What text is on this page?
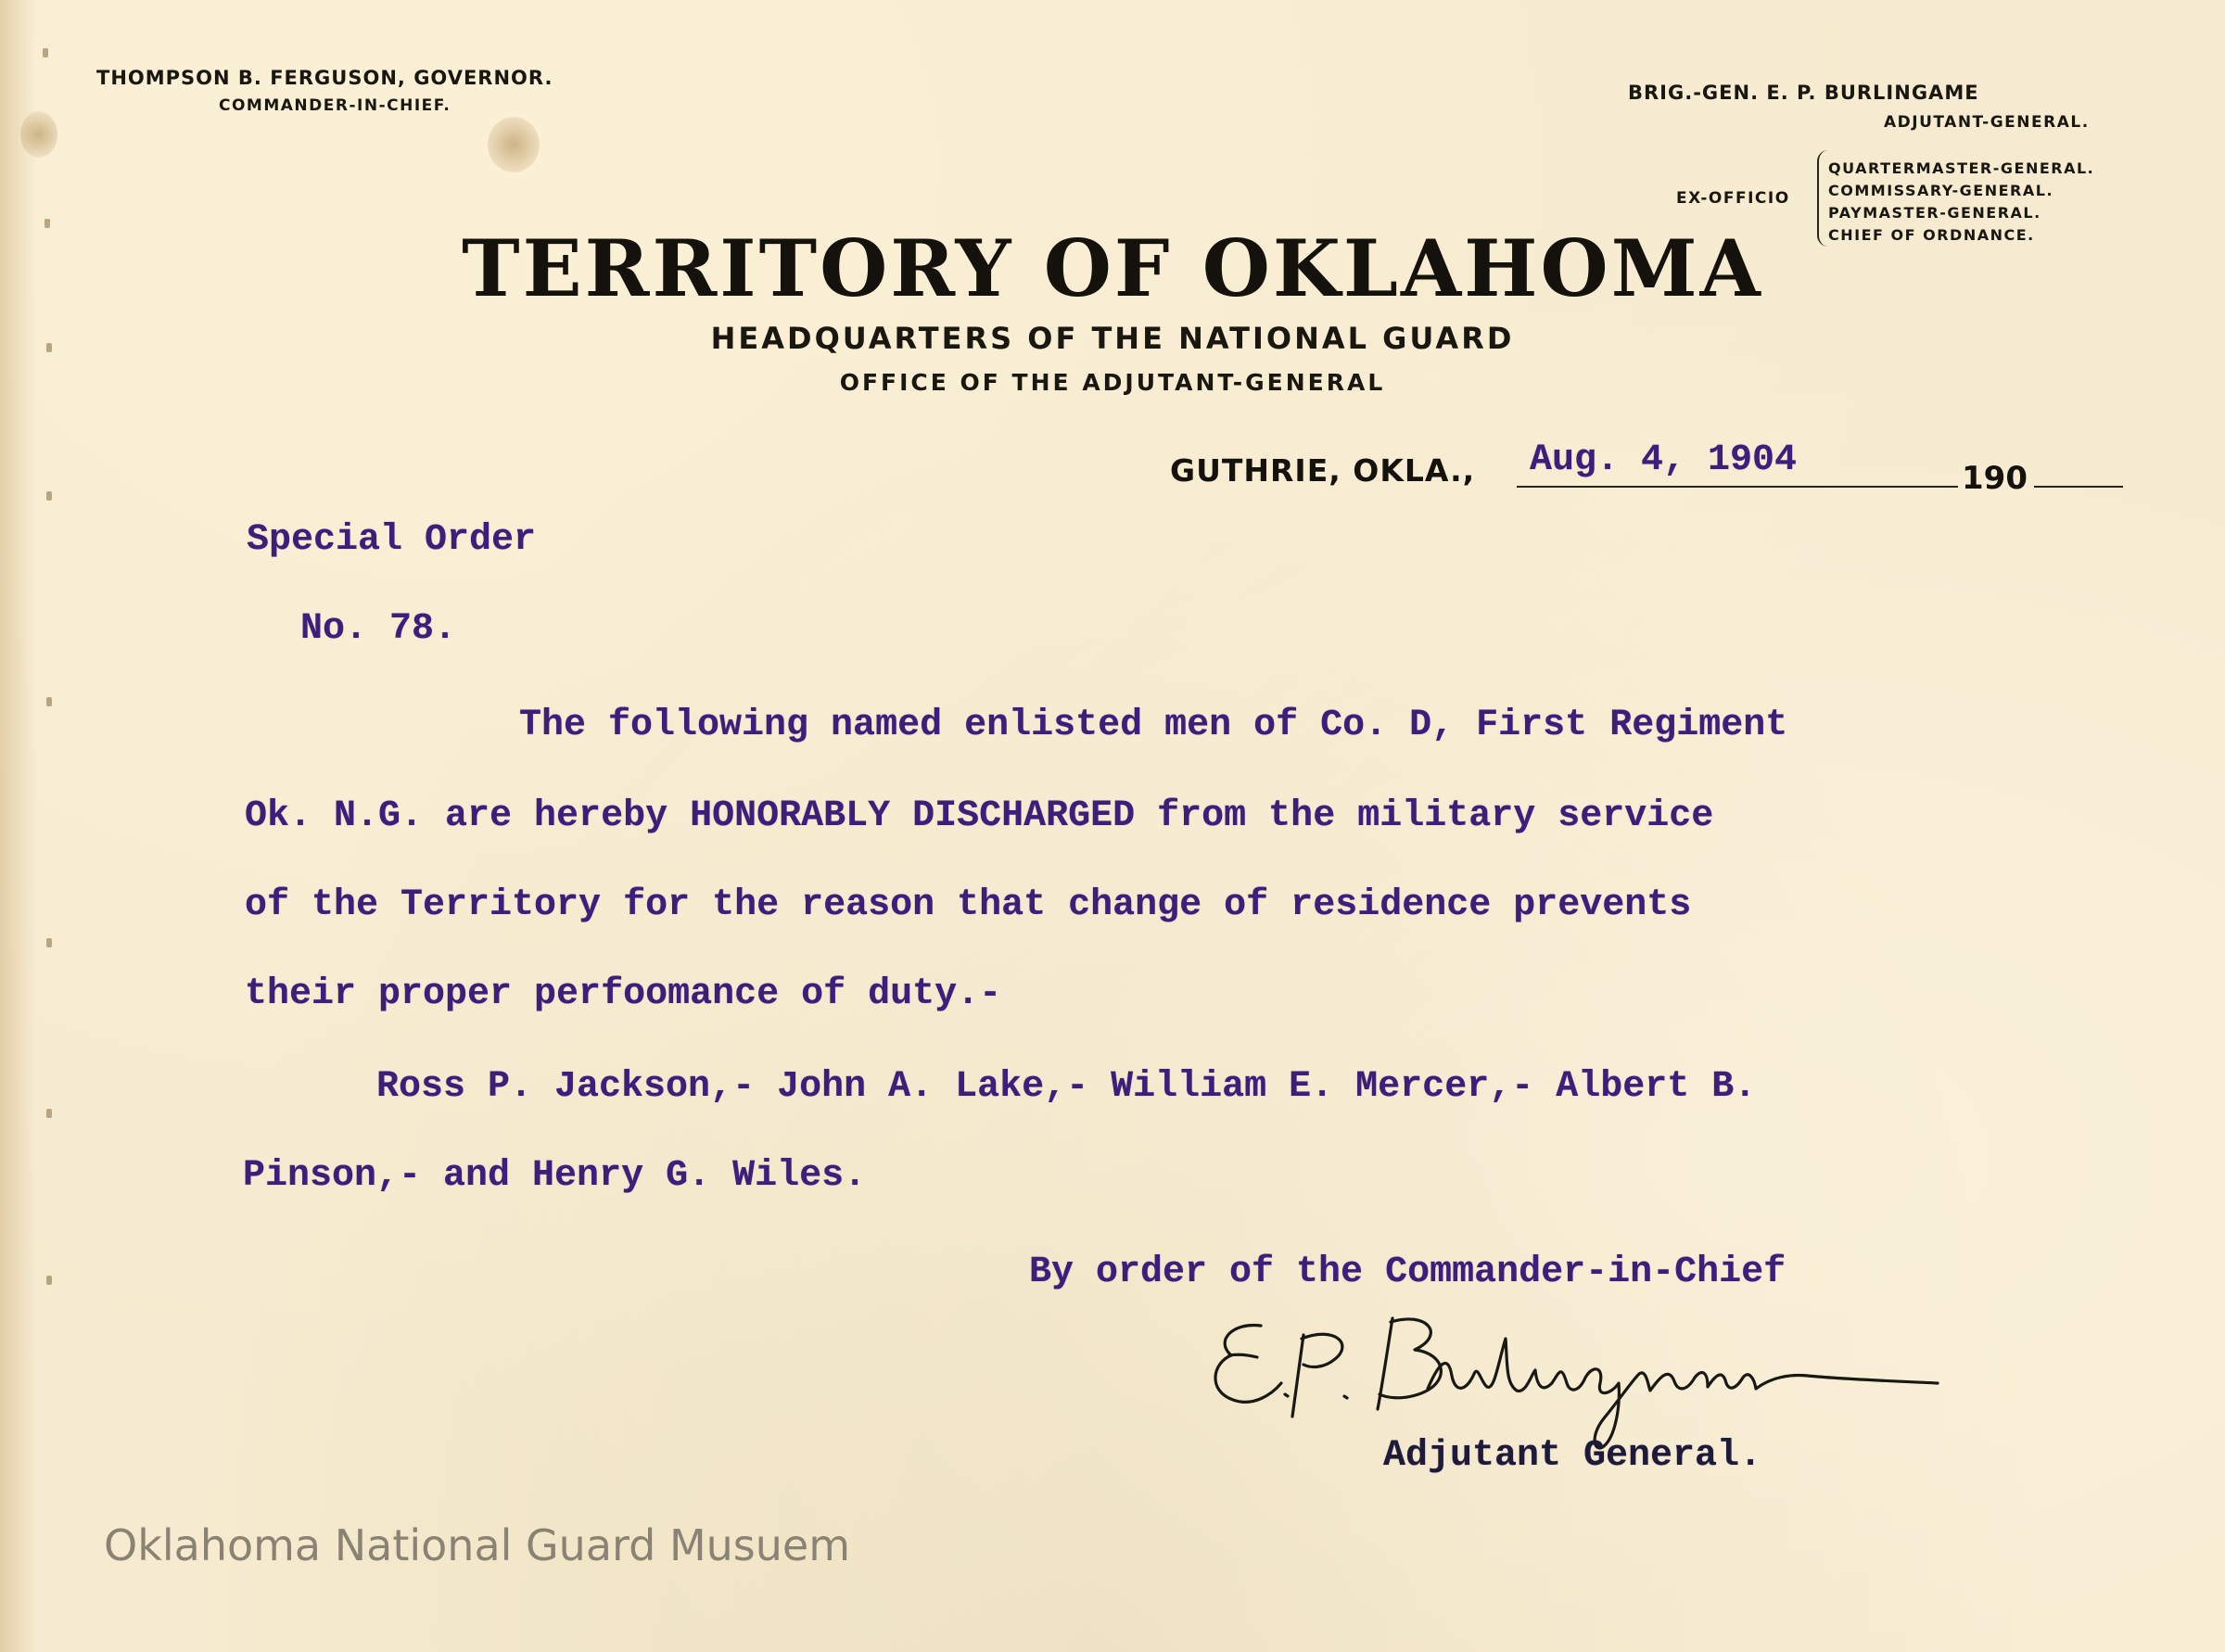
THOMPSON B. FERGUSON, GOVERNOR.
COMMANDER-IN-CHIEF.
BRIG.-GEN. E. P. BURLINGAME
ADJUTANT-GENERAL.
EX-OFFICIO
QUARTERMASTER-GENERAL.
COMMISSARY-GENERAL.
PAYMASTER-GENERAL.
CHIEF OF ORDNANCE.
TERRITORY OF OKLAHOMA
HEADQUARTERS OF THE NATIONAL GUARD
OFFICE OF THE ADJUTANT-GENERAL
GUTHRIE, OKLA., Aug. 4, 1904	190
Special Order
No. 78.
The following named enlisted men of Co. D, First Regiment
Ok. N.G. are hereby HONORABLY DISCHARGED from the military service
of the Territory for the reason that change of residence prevents
their proper perfoomance of duty.-
Ross P. Jackson,- John A. Lake,- William E. Mercer,- Albert B.
Pinson,- and Henry G. Wiles.
By order of the Commander-in-Chief
Adjutant General.
Oklahoma National Guard Musuem
